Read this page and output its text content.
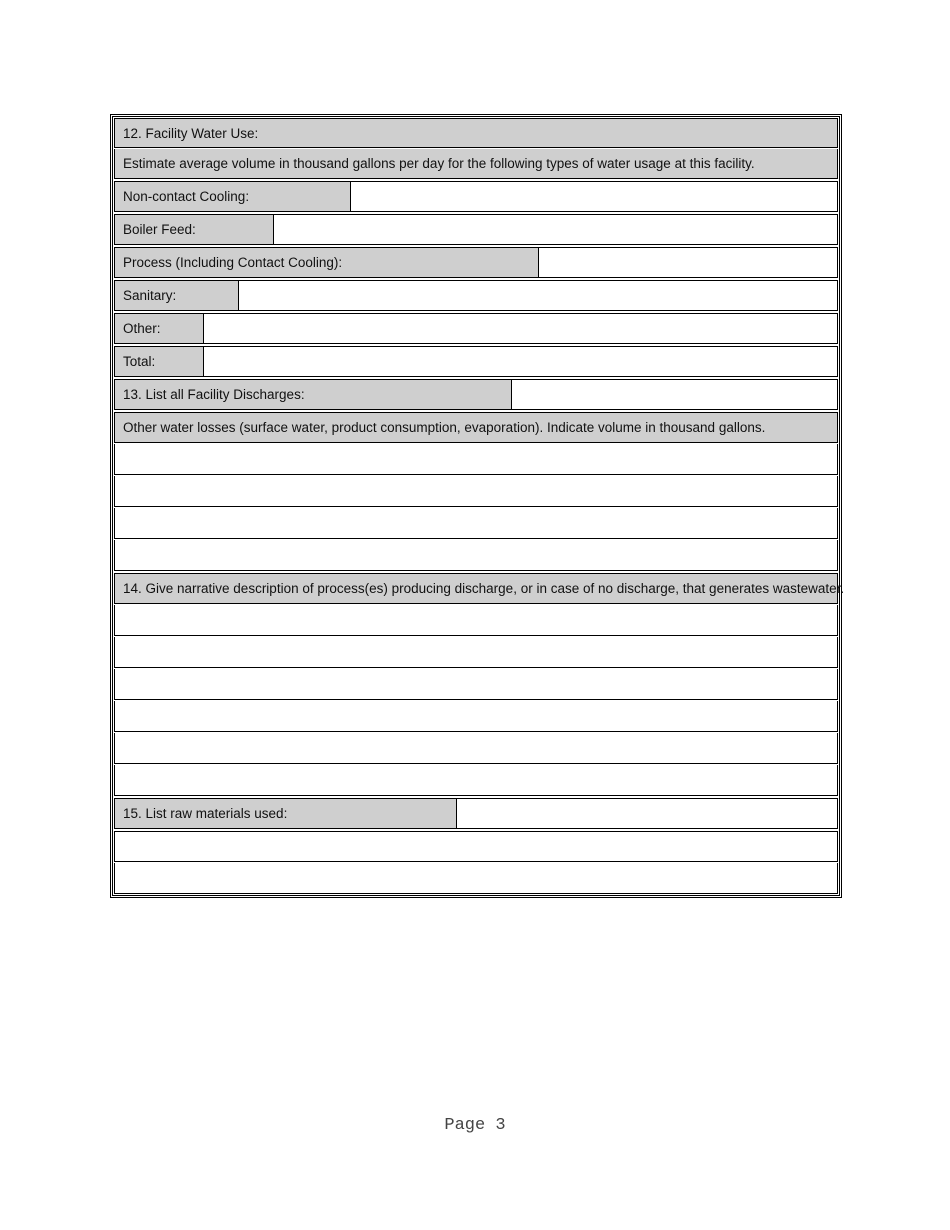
12. Facility Water Use:
Estimate average volume in thousand gallons per day for the following types of water usage at this facility.
Non-contact Cooling:
Boiler Feed:
Process (Including Contact Cooling):
Sanitary:
Other:
Total:
13. List all Facility Discharges:
Other water losses (surface water, product consumption, evaporation). Indicate volume in thousand gallons.
14. Give narrative description of process(es) producing discharge, or in case of no discharge, that generates wastewater.
15. List raw materials used:
Page 3
